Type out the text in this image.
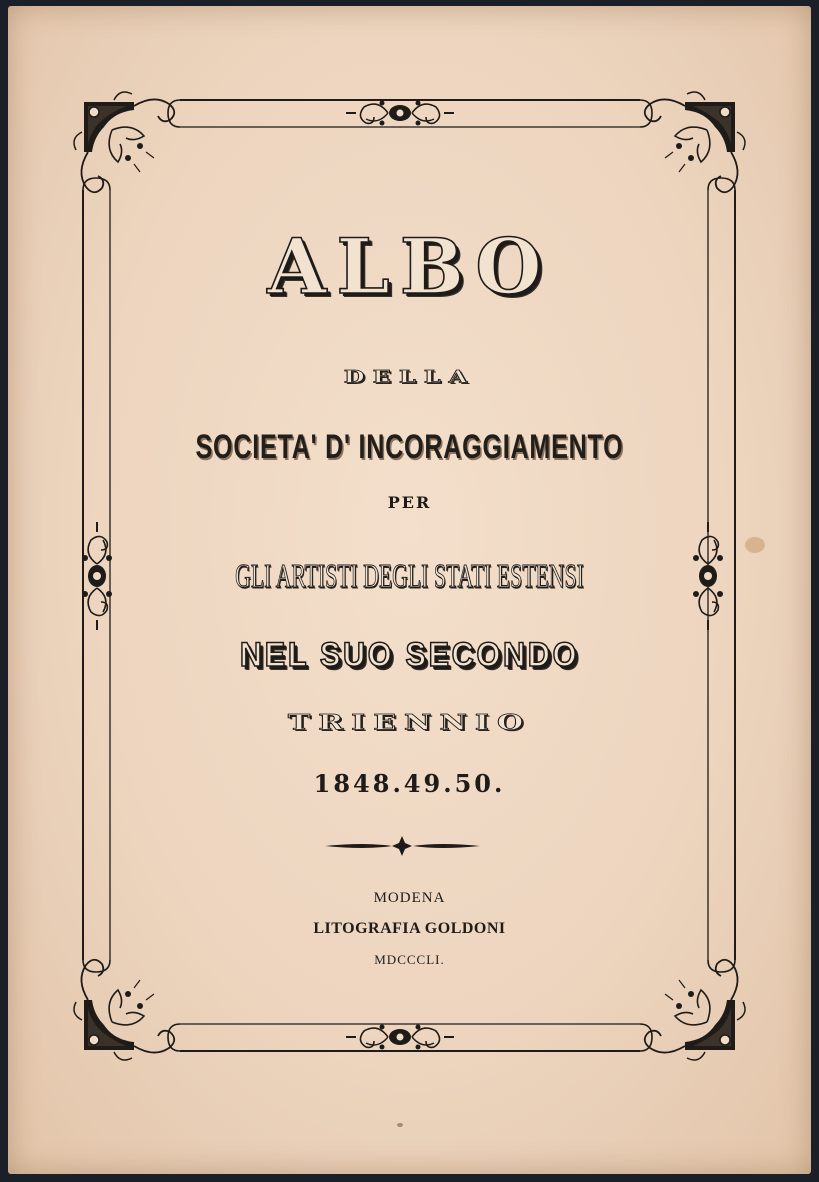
ALBO
DELLA
SOCIETA' D' INCORAGGIAMENTO
PER
GLI ARTISTI DEGLI STATI ESTENSI
NEL SUO SECONDO
TRIENNIO
1848.49.50.
MODENA
LITOGRAFIA GOLDONI
MDCCCLI.
